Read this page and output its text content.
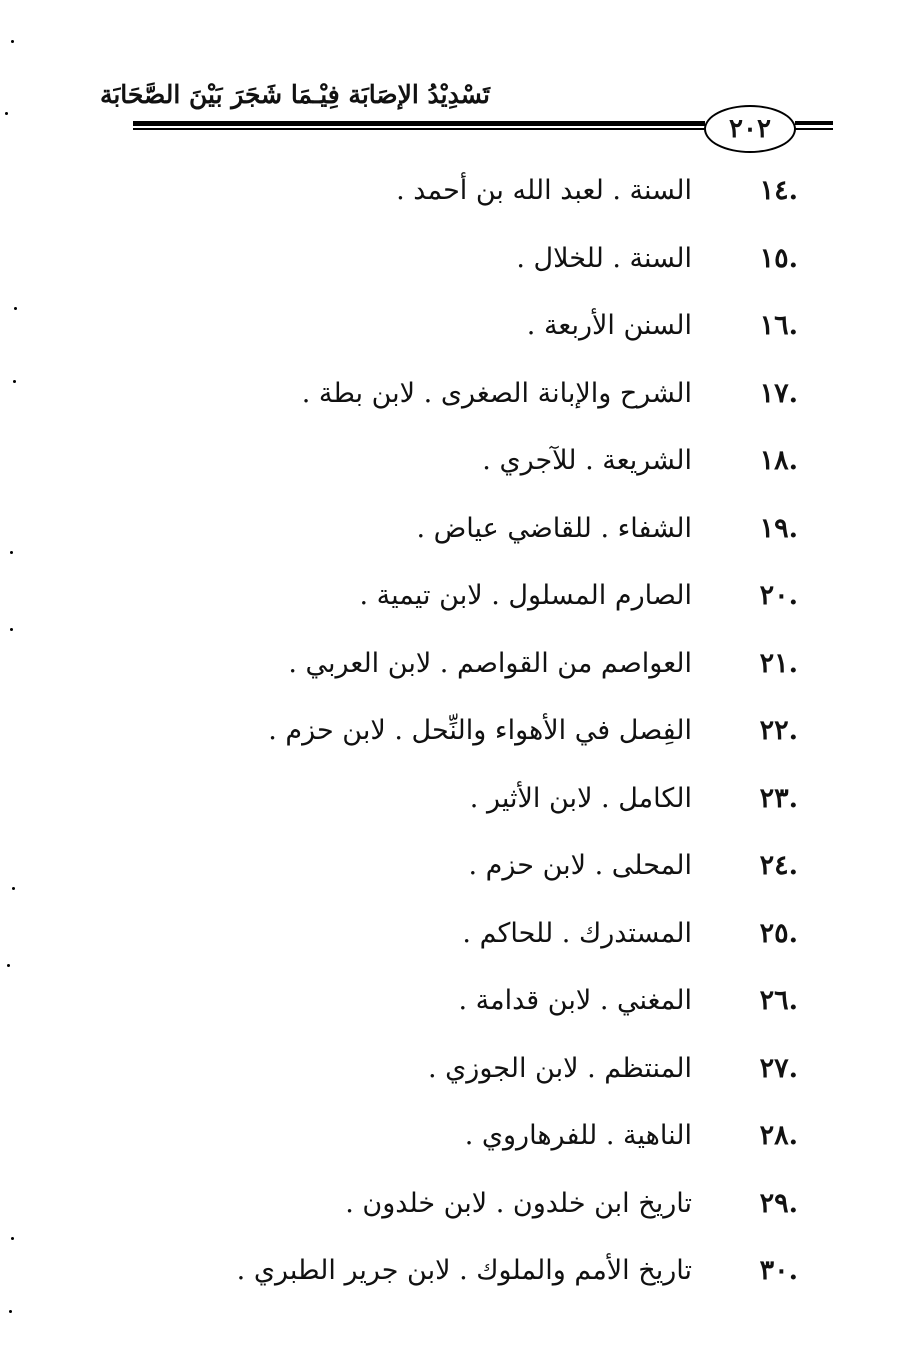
تَسْدِيْدُ الإصَابَة فِيْـمَا شَجَرَ بَيْنَ الصَّحَابَة
٢٠٢
.١٤
السنة . لعبد الله بن أحمد .
.١٥
السنة . للخلال .
.١٦
السنن الأربعة .
.١٧
الشرح والإبانة الصغرى . لابن بطة .
.١٨
الشريعة . للآجري .
.١٩
الشفاء . للقاضي عياض .
.٢٠
الصارم المسلول . لابن تيمية .
.٢١
العواصم من القواصم . لابن العربي .
.٢٢
الفِصل في الأهواء والنِّحل . لابن حزم .
.٢٣
الكامل . لابن الأثير .
.٢٤
المحلى . لابن حزم .
.٢٥
المستدرك . للحاكم .
.٢٦
المغني . لابن قدامة .
.٢٧
المنتظم . لابن الجوزي .
.٢٨
الناهية . للفرهاروي .
.٢٩
تاريخ ابن خلدون . لابن خلدون .
.٣٠
تاريخ الأمم والملوك . لابن جرير الطبري .
